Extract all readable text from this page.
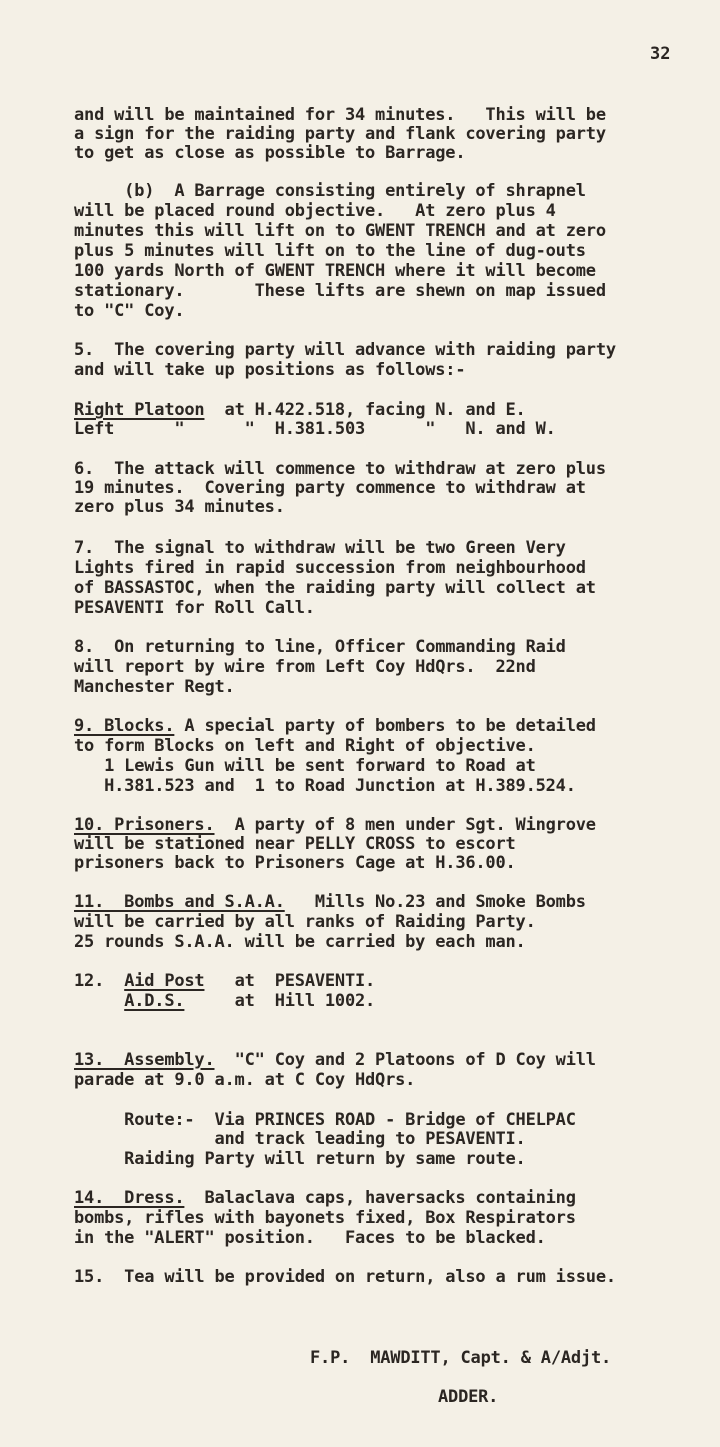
32
and will be maintained for 34 minutes.   This will be
a sign for the raiding party and flank covering party
to get as close as possible to Barrage.
(b)  A Barrage consisting entirely of shrapnel
will be placed round objective.   At zero plus 4
minutes this will lift on to GWENT TRENCH and at zero
plus 5 minutes will lift on to the line of dug-outs
100 yards North of GWENT TRENCH where it will become
stationary.       These lifts are shewn on map issued
to "C" Coy.
5.  The covering party will advance with raiding party
and will take up positions as follows:-
Right Platoon  at H.422.518, facing N. and E.
Left      "      "  H.381.503      "   N. and W.
6.  The attack will commence to withdraw at zero plus
19 minutes.  Covering party commence to withdraw at
zero plus 34 minutes.
7.  The signal to withdraw will be two Green Very
Lights fired in rapid succession from neighbourhood
of BASSASTOC, when the raiding party will collect at
PESAVENTI for Roll Call.
8.  On returning to line, Officer Commanding Raid
will report by wire from Left Coy HdQrs.  22nd
Manchester Regt.
9. Blocks. A special party of bombers to be detailed
to form Blocks on left and Right of objective.
1 Lewis Gun will be sent forward to Road at
H.381.523 and  1 to Road Junction at H.389.524.
10. Prisoners.  A party of 8 men under Sgt. Wingrove
will be stationed near PELLY CROSS to escort
prisoners back to Prisoners Cage at H.36.00.
11.  Bombs and S.A.A.   Mills No.23 and Smoke Bombs
will be carried by all ranks of Raiding Party.
25 rounds S.A.A. will be carried by each man.
12.  Aid Post   at  PESAVENTI.
A.D.S.     at  Hill 1002.
13.  Assembly.  "C" Coy and 2 Platoons of D Coy will
parade at 9.0 a.m. at C Coy HdQrs.
Route:-  Via PRINCES ROAD - Bridge of CHELPAC
and track leading to PESAVENTI.
Raiding Party will return by same route.
14.  Dress.  Balaclava caps, haversacks containing
bombs, rifles with bayonets fixed, Box Respirators
in the "ALERT" position.   Faces to be blacked.
15.  Tea will be provided on return, also a rum issue.
F.P.  MAWDITT, Capt. & A/Adjt.
ADDER.
